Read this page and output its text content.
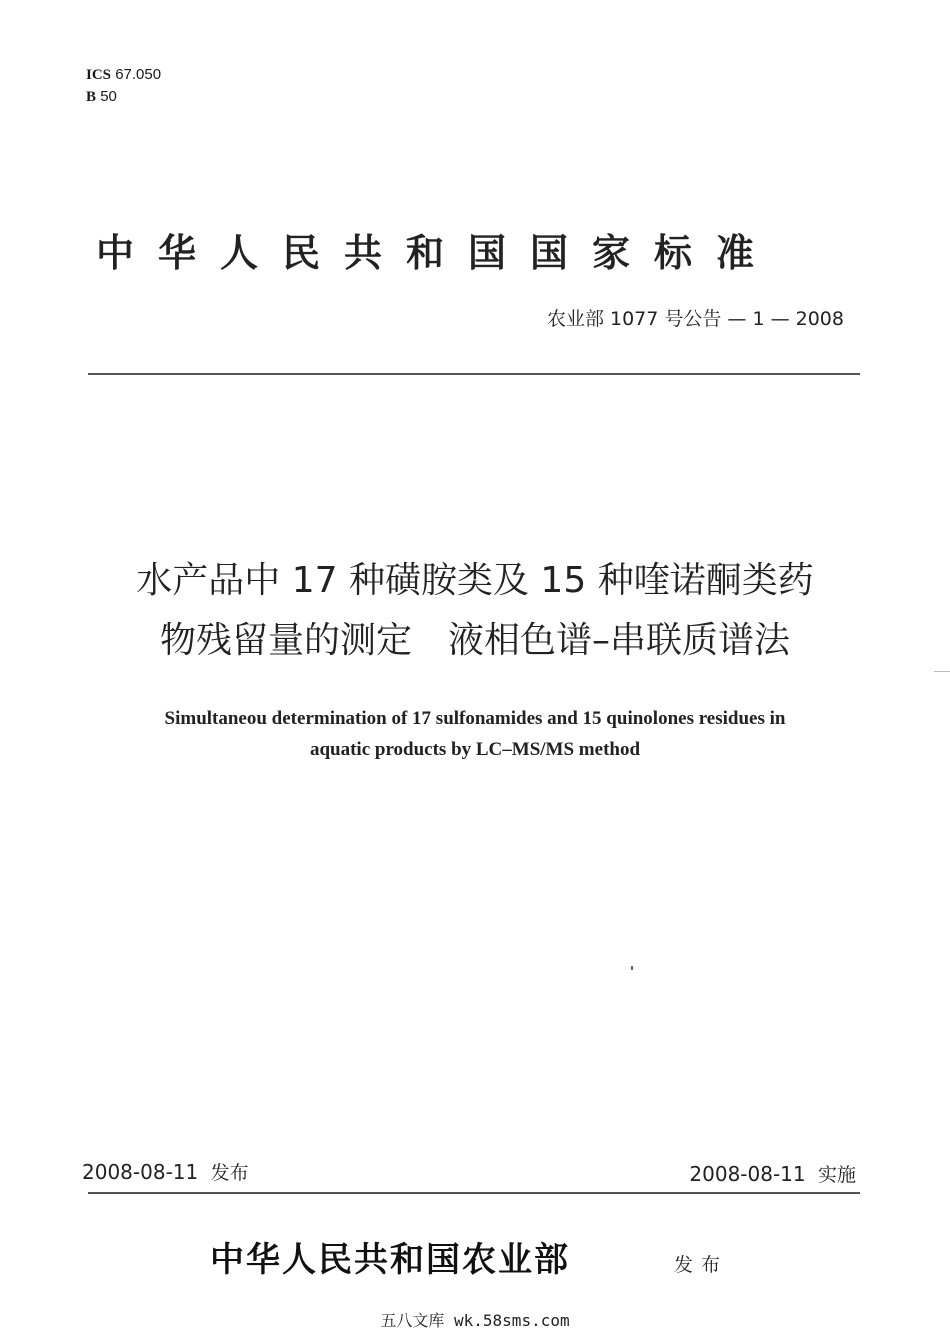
ICS 67.050
B 50
中华人民共和国国家标准
农业部 1077 号公告 — 1 — 2008
水产品中 17 种磺胺类及 15 种喹诺酮类药
物残留量的测定　液相色谱–串联质谱法
Simultaneou determination of 17 sulfonamides and 15 quinolones residues in
aquatic products by LC–MS/MS method
2008-08-11 发布	2008-08-11 实施
中华人民共和国农业部	发布
五八文库 wk.58sms.com
